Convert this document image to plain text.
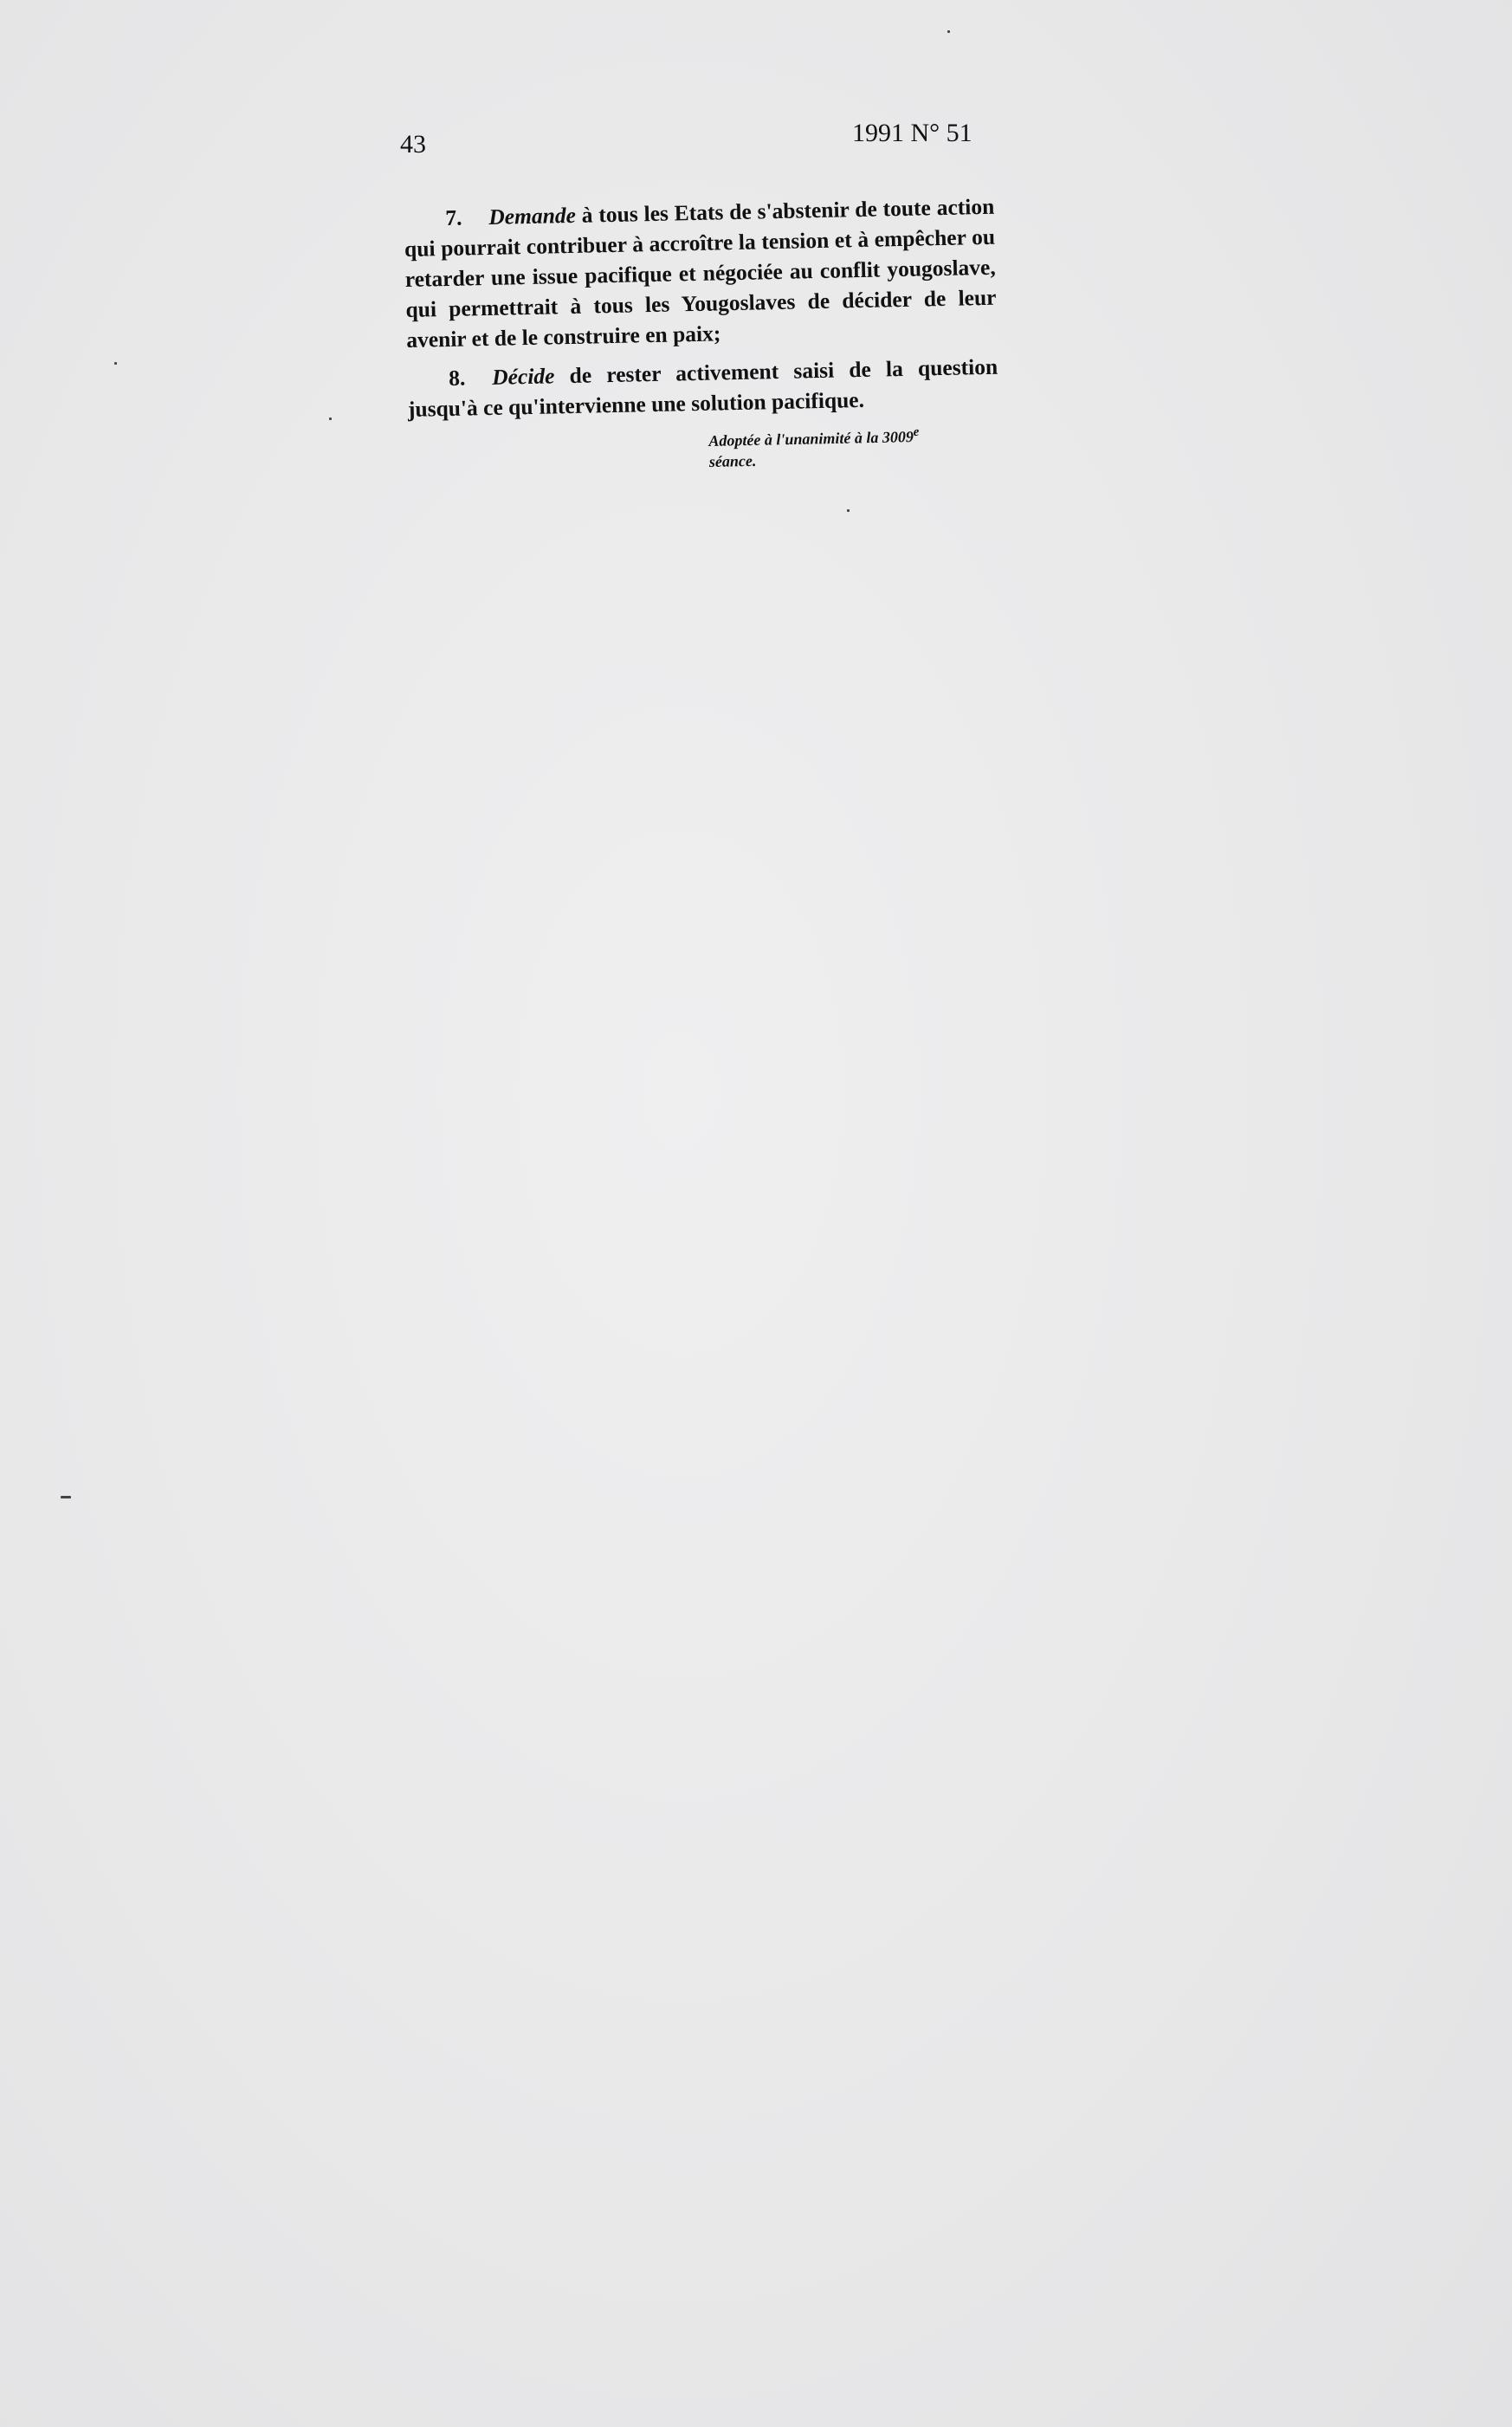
43	1991 N° 51

7. Demande à tous les Etats de s'abstenir de toute action qui pourrait contribuer à accroître la tension et à empêcher ou retarder une issue pacifique et négociée au conflit yougoslave, qui permettrait à tous les Yougoslaves de décider de leur avenir et de le construire en paix;

8. Décide de rester activement saisi de la question jusqu'à ce qu'intervienne une solution pacifique.

Adoptée à l'unanimité à la 3009e
séance.
